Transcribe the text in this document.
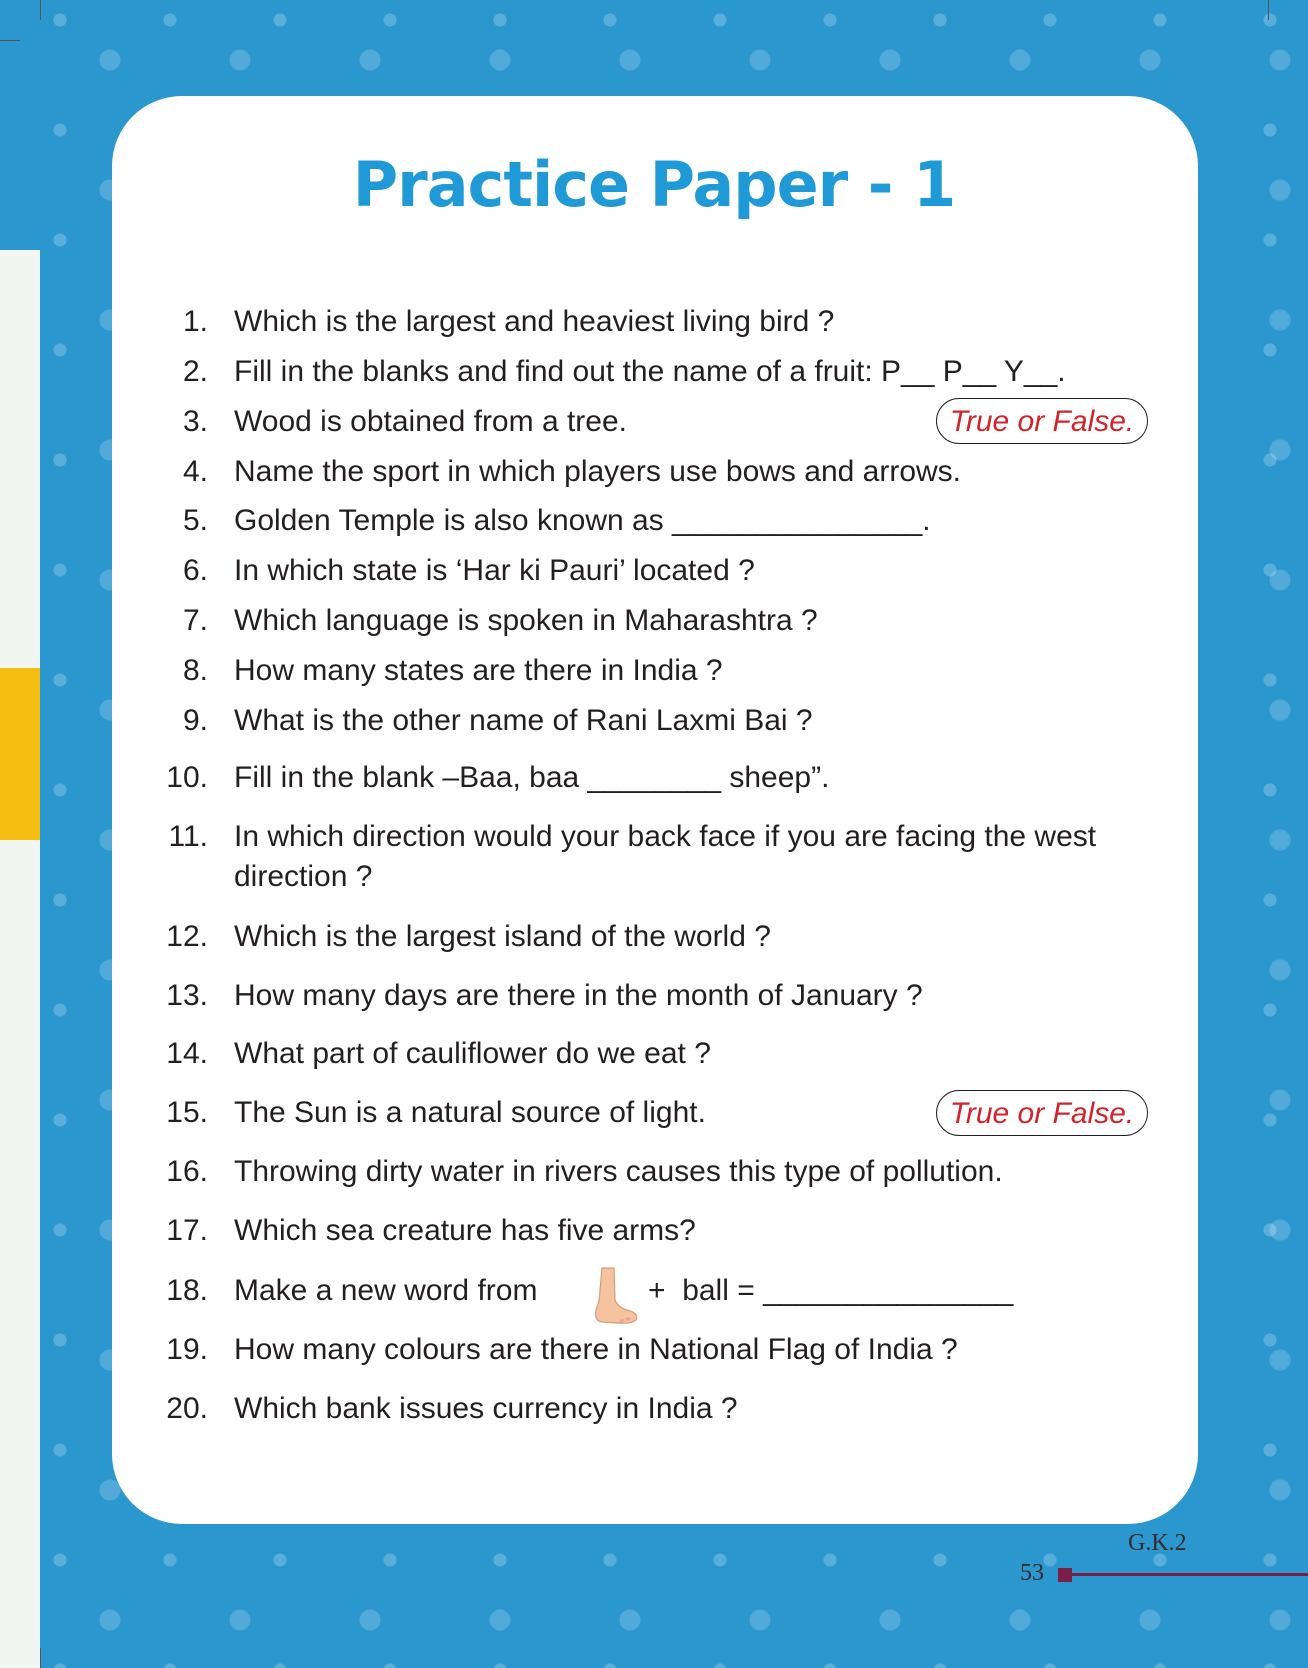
Practice Paper - 1
1. Which is the largest and heaviest living bird ?
2. Fill in the blanks and find out the name of a fruit: P__ P__ Y__.
3. Wood is obtained from a tree.	True or False.
4. Name the sport in which players use bows and arrows.
5. Golden Temple is also known as _______________.
6. In which state is ‘Har ki Pauri’ located ?
7. Which language is spoken in Maharashtra ?
8. How many states are there in India ?
9. What is the other name of Rani Laxmi Bai ?
10. Fill in the blank –Baa, baa ________ sheep”.
11. In which direction would your back face if you are facing the west direction ?
12. Which is the largest island of the world ?
13. How many days are there in the month of January ?
14. What part of cauliflower do we eat ?
15. The Sun is a natural source of light.	True or False.
16. Throwing dirty water in rivers causes this type of pollution.
17. Which sea creature has five arms?
18. Make a new word from	+  ball = _______________
19. How many colours are there in National Flag of India ?
20. Which bank issues currency in India ?
G.K.2
53
